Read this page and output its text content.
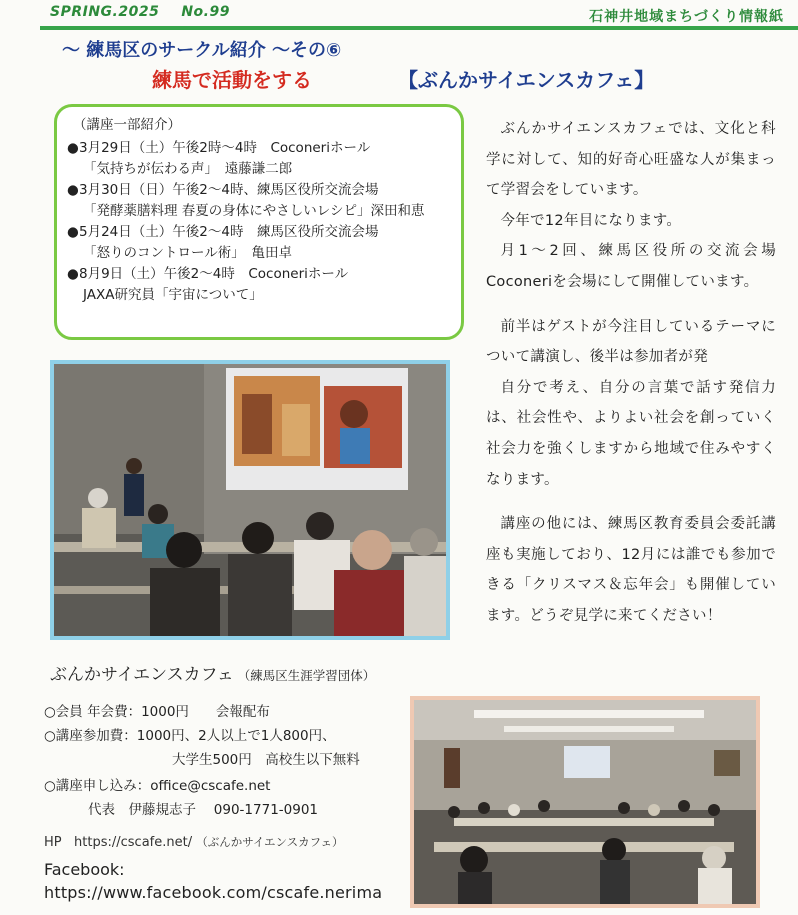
SPRING.2025 No.99	石神井地域まちづくり情報紙
～ 練馬区のサークル紹介 ～その⑥
練馬で活動をする	【ぶんかサイエンスカフェ】
（講座一部紹介）
●3月29日（土）午後2時～4時　Coconeriホール
「気持ちが伝わる声」　遠藤謙二郎
●3月30日（日）午後2～4時、練馬区役所交流会場
「発酵薬膳料理 春夏の身体にやさしいレシピ」深田和恵
●5月24日（土）午後2～4時　練馬区役所交流会場
「怒りのコントロール術」　亀田卓
●8月9日（土）午後2～4時　Coconeriホール
JAXA研究員「宇宙について」

ぶんかサイエンスカフェでは、文化と科学に対して、知的好奇心旺盛な人が集まって学習会をしています。

今年で12年目になります。

月1～2回、練馬区役所の交流会場Coconeriを会場にして開催しています。

前半はゲストが今注目しているテーマについて講演し、後半は参加者が発

自分で考え、自分の言葉で話す発信力は、社会性や、よりよい社会を創っていく社会力を強くしますから地域で住みやすくなります。

講座の他には、練馬区教育委員会委託講座も実施しており、12月には誰でも参加できる「クリスマス＆忘年会」も開催しています。どうぞ見学に来てください！

ぶんかサイエンスカフェ （練馬区生涯学習団体）
○会員 年会費：1000円　　会報配布
○講座参加費：1000円、2人以上で1人800円、
大学生500円　高校生以下無料
○講座申し込み：office@cscafe.net
代表　伊藤規志子　 090-1771-0901
HP https://cscafe.net/ （ぶんかサイエンスカフェ）
Facebook:
https://www.facebook.com/cscafe.nerima
